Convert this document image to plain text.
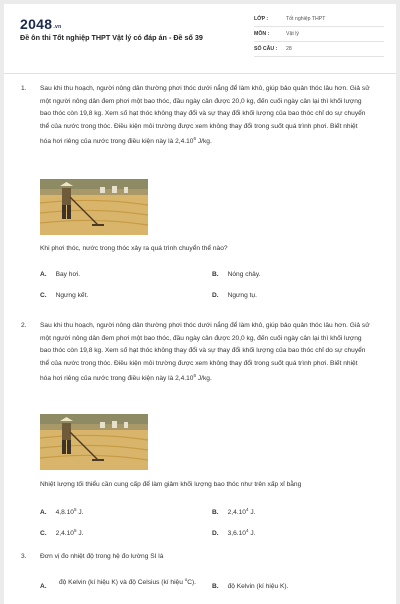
2048.vn
Đề ôn thi Tốt nghiệp THPT Vật lý có đáp án - Đề số 39
LỚP :	Tốt nghiệp THPT
MÔN :	Vật lý
SỐ CÂU : 28
1. Sau khi thu hoạch, người nông dân thường phơi thóc dưới nắng để làm khô, giúp bảo quản thóc lâu hơn. Giả sử một người nông dân đem phơi một bao thóc, đầu ngày cân được 20,0 kg, đến cuối ngày cân lại thì khối lượng bao thóc còn 19,8 kg. Xem số hạt thóc không thay đổi và sự thay đổi khối lượng của bao thóc chỉ do sự chuyển thể của nước trong thóc. Điều kiện môi trường được xem không thay đổi trong suốt quá trình phơi. Biết nhiệt hóa hơi riêng của nước trong điều kiện này là 2,4.10$^6$ J/kg.
Khi phơi thóc, nước trong thóc xảy ra quá trình chuyển thể nào?
A. Bay hơi.	B. Nóng chảy.
C. Ngưng kết.	D. Ngưng tụ.
2. Sau khi thu hoạch, người nông dân thường phơi thóc dưới nắng để làm khô, giúp bảo quản thóc lâu hơn. Giả sử một người nông dân đem phơi một bao thóc, đầu ngày cân được 20,0 kg, đến cuối ngày cân lại thì khối lượng bao thóc còn 19,8 kg. Xem số hạt thóc không thay đổi và sự thay đổi khối lượng của bao thóc chỉ do sự chuyển thể của nước trong thóc. Điều kiện môi trường được xem không thay đổi trong suốt quá trình phơi. Biết nhiệt hóa hơi riêng của nước trong điều kiện này là 2,4.10$^6$ J/kg.
Nhiệt lượng tối thiểu cần cung cấp để làm giảm khối lượng bao thóc như trên xấp xỉ bằng
A. 4,8.10$^5$ J.	B. 2,4.10$^4$ J.
C. 2,4.10$^5$ J.	D. 3,6.10$^4$ J.
3. Đơn vị đo nhiệt độ trong hệ đo lường SI là
A.
độ Kelvin (kí hiệu K) và độ Celsius (kí hiệu $^o$C).
B. độ Kelvin (kí hiệu K).
